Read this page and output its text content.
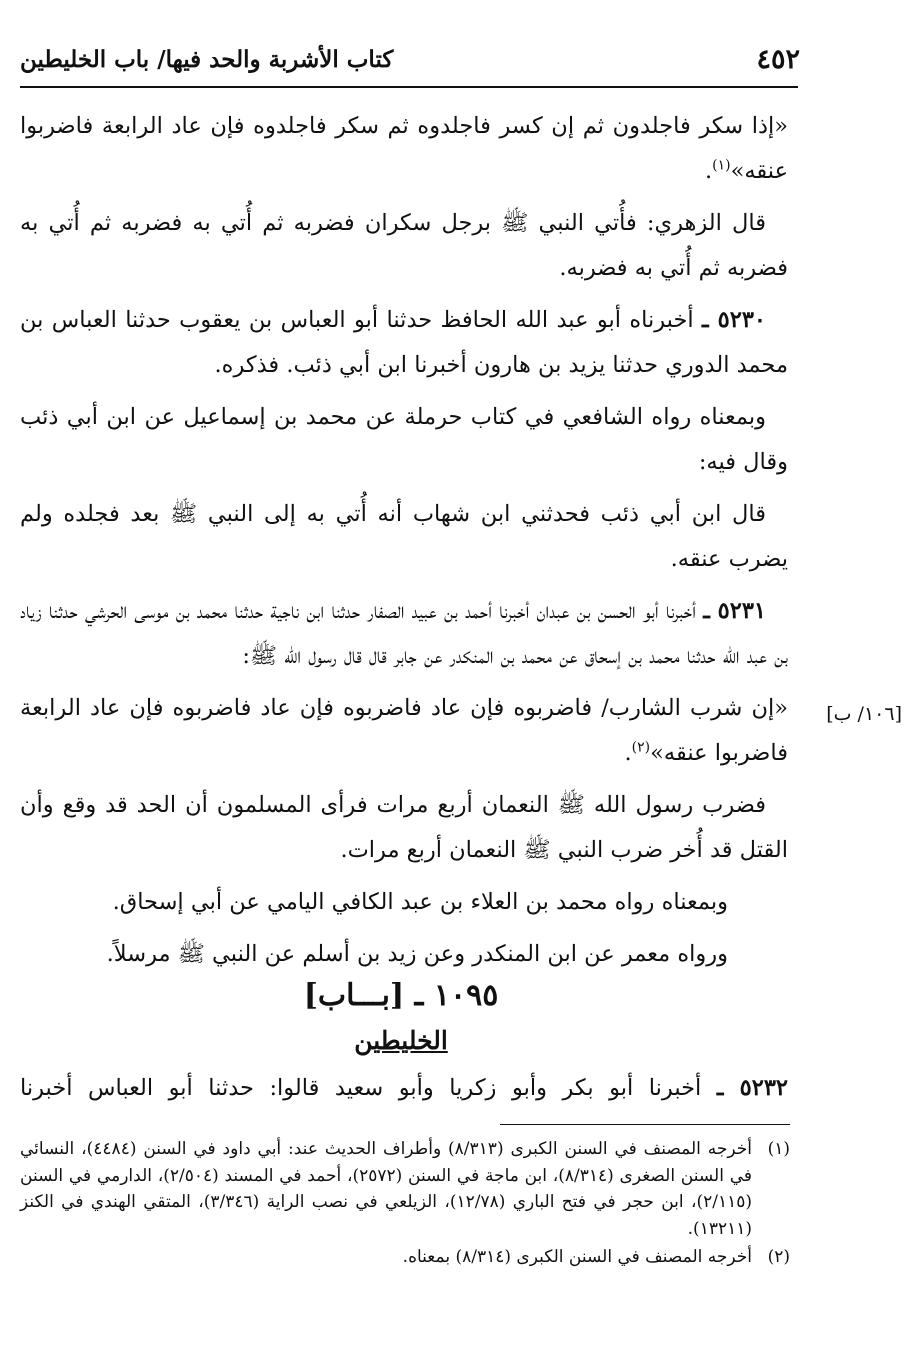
٤٥٢
كتاب الأشربة والحد فيها/ باب الخليطين

«إذا سكر فاجلدون ثم إن كسر فاجلدوه ثم سكر فاجلدوه فإن عاد الرابعة فاضربوا عنقه»$^{(١)}$.

قال الزهري: فأُتي النبي ﷺ برجل سكران فضربه ثم أُتي به فضربه ثم أُتي به فضربه ثم أُتي به فضربه.

٥٢٣٠ ـ أخبرناه أبو عبد الله الحافظ حدثنا أبو العباس بن يعقوب حدثنا العباس بن محمد الدوري حدثنا يزيد بن هارون أخبرنا ابن أبي ذئب. فذكره.

وبمعناه رواه الشافعي في كتاب حرملة عن محمد بن إسماعيل عن ابن أبي ذئب وقال فيه:

قال ابن أبي ذئب فحدثني ابن شهاب أنه أُتي به إلى النبي ﷺ بعد فجلده ولم يضرب عنقه.

٥٢٣١ ـ أخبرنا أبو الحسن بن عبدان أخبرنا أحمد بن عبيد الصفار حدثنا ابن ناجية حدثنا محمد بن موسى الحرشي حدثنا زياد بن عبد الله حدثنا محمد بن إسحاق عن محمد بن المنكدر عن جابر قال قال رسول الله ﷺ:

«إن شرب الشارب/ فاضربوه فإن عاد فاضربوه فإن عاد فاضربوه فإن عاد الرابعة فاضربوا عنقه»$^{(٢)}$.

فضرب رسول الله ﷺ النعمان أربع مرات فرأى المسلمون أن الحد قد وقع وأن القتل قد أُخر ضرب النبي ﷺ النعمان أربع مرات.

وبمعناه رواه محمد بن العلاء بن عبد الكافي اليامي عن أبي إسحاق.

ورواه معمر عن ابن المنكدر وعن زيد بن أسلم عن النبي ﷺ مرسلاً.

[١٠٦/ ب]
١٠٩٥ ـ [بـــاب]
الخليطين
٥٢٣٢ ـ أخبرنا أبو بكر وأبو زكريا وأبو سعيد قالوا: حدثنا أبو العباس أخبرنا
(١)
أخرجه المصنف في السنن الكبرى (٨/٣١٣) وأطراف الحديث عند: أبي داود في السنن (٤٤٨٤)، النسائي في السنن الصغرى (٨/٣١٤)، ابن ماجة في السنن (٢٥٧٢)، أحمد في المسند (٢/٥٠٤)، الدارمي في السنن (٢/١١٥)، ابن حجر في فتح الباري (١٢/٧٨)، الزيلعي في نصب الراية (٣/٣٤٦)، المتقي الهندي في الكنز (١٣٢١١).
(٢)
أخرجه المصنف في السنن الكبرى (٨/٣١٤) بمعناه.
